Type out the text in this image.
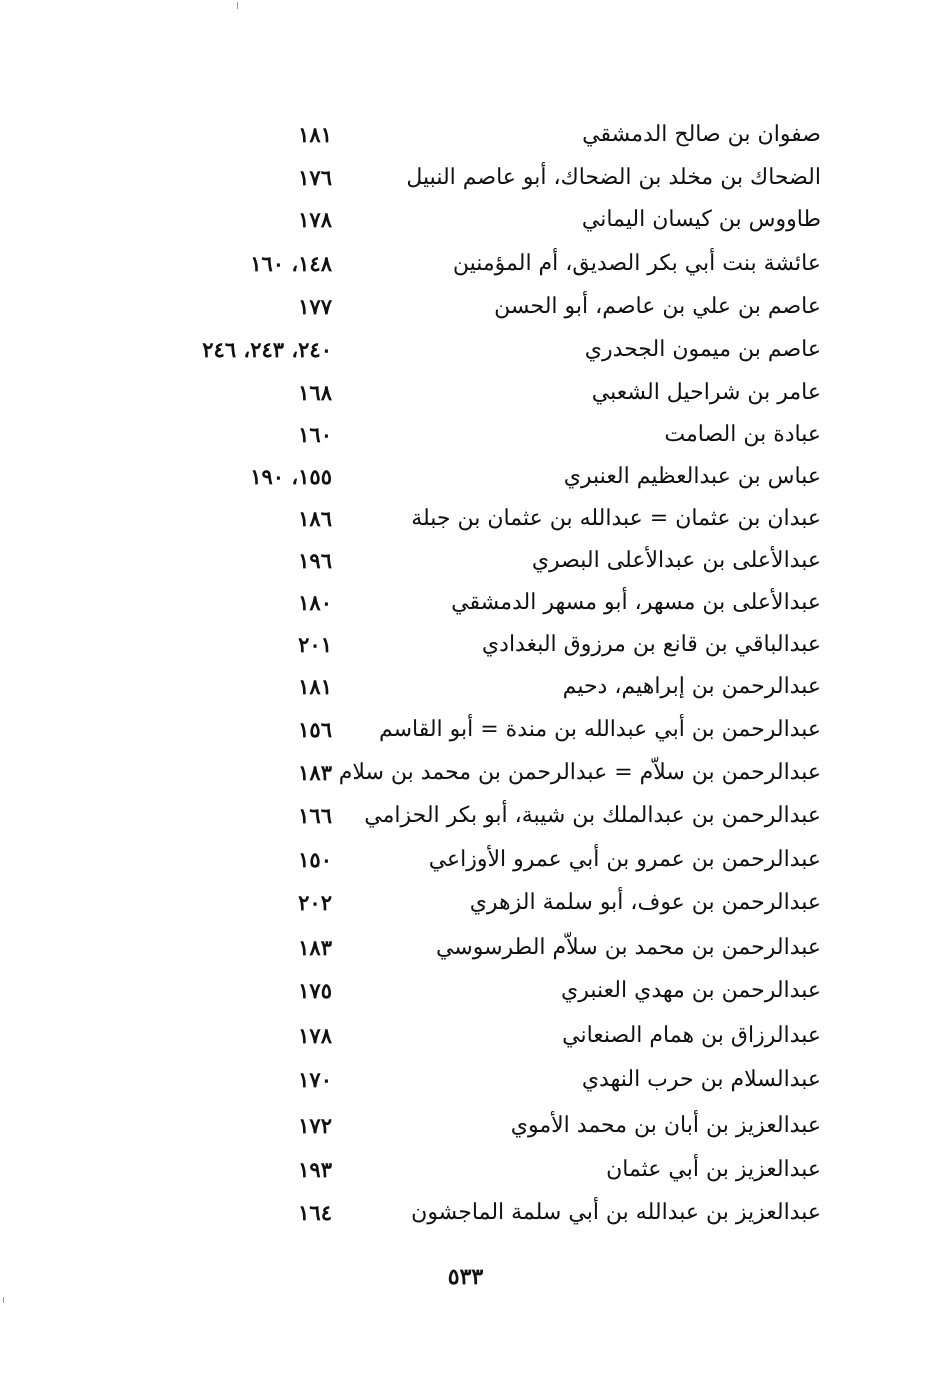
صفوان بن صالح الدمشقي
١٨١
الضحاك بن مخلد بن الضحاك، أبو عاصم النبيل
١٧٦
طاووس بن كيسان اليماني
١٧٨
عائشة بنت أبي بكر الصديق، أم المؤمنين
١٤٨، ١٦٠
عاصم بن علي بن عاصم، أبو الحسن
١٧٧
عاصم بن ميمون الجحدري
٢٤٠، ٢٤٣، ٢٤٦
عامر بن شراحيل الشعبي
١٦٨
عبادة بن الصامت
١٦٠
عباس بن عبدالعظيم العنبري
١٥٥، ١٩٠
عبدان بن عثمان = عبدالله بن عثمان بن جبلة
١٨٦
عبدالأعلى بن عبدالأعلى البصري
١٩٦
عبدالأعلى بن مسهر، أبو مسهر الدمشقي
١٨٠
عبدالباقي بن قانع بن مرزوق البغدادي
٢٠١
عبدالرحمن بن إبراهيم، دحيم
١٨١
عبدالرحمن بن أبي عبدالله بن مندة = أبو القاسم
١٥٦
عبدالرحمن بن سلاّم = عبدالرحمن بن محمد بن سلام
١٨٣
عبدالرحمن بن عبدالملك بن شيبة، أبو بكر الحزامي
١٦٦
عبدالرحمن بن عمرو بن أبي عمرو الأوزاعي
١٥٠
عبدالرحمن بن عوف، أبو سلمة الزهري
٢٠٢
عبدالرحمن بن محمد بن سلاّم الطرسوسي
١٨٣
عبدالرحمن بن مهدي العنبري
١٧٥
عبدالرزاق بن همام الصنعاني
١٧٨
عبدالسلام بن حرب النهدي
١٧٠
عبدالعزيز بن أبان بن محمد الأموي
١٧٢
عبدالعزيز بن أبي عثمان
١٩٣
عبدالعزيز بن عبدالله بن أبي سلمة الماجشون
١٦٤
٥٣٣
